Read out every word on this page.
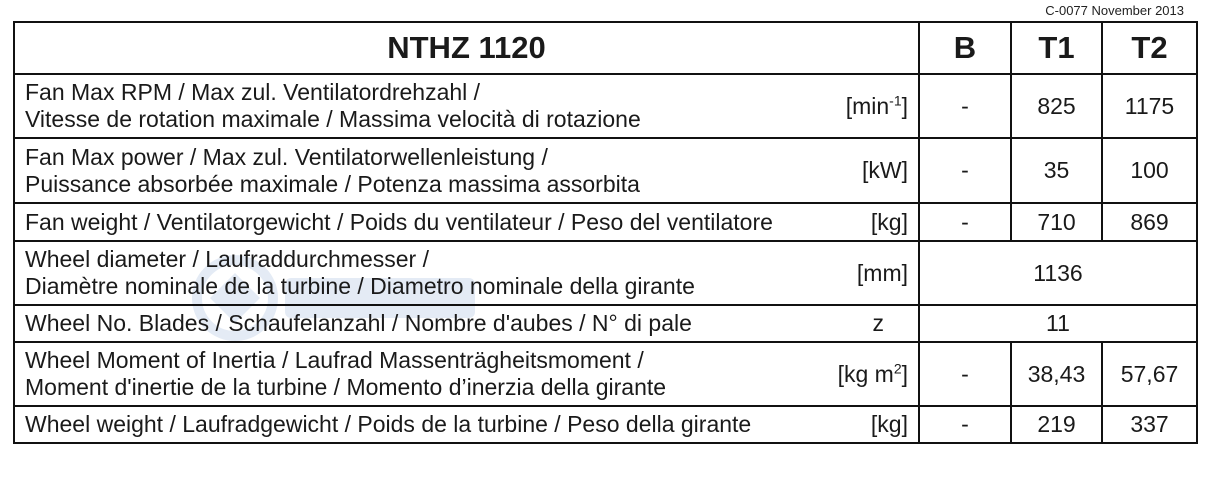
C-0077 November 2013
NTHZ 1120	B	T1	T2

Fan Max RPM / Max zul. Ventilatordrehzahl /
Vitesse de rotation maximale / Massima velocità di rotazione
$[\min^{-1}]$	-	825	1175

Fan Max power / Max zul. Ventilatorwellenleistung /
Puissance absorbée maximale / Potenza massima assorbita
[kW]	-	35	100

Fan weight / Ventilatorgewicht / Poids du ventilateur / Peso del ventilatore [kg]	-	710	869

Wheel diameter / Laufraddurchmesser /
Diamètre nominale de la turbine / Diametro nominale della girante
[mm]	1136		

Wheel No. Blades / Schaufelanzahl / Nombre d'aubes / N° di pale z	11		

Wheel Moment of Inertia / Laufrad Massenträgheitsmoment /
Moment d'inertie de la turbine / Momento d’inerzia della girante
[kg $m^2$]	-	38,43	57,67

Wheel weight / Laufradgewicht / Poids de la turbine / Peso della girante [kg]	-	219	337
